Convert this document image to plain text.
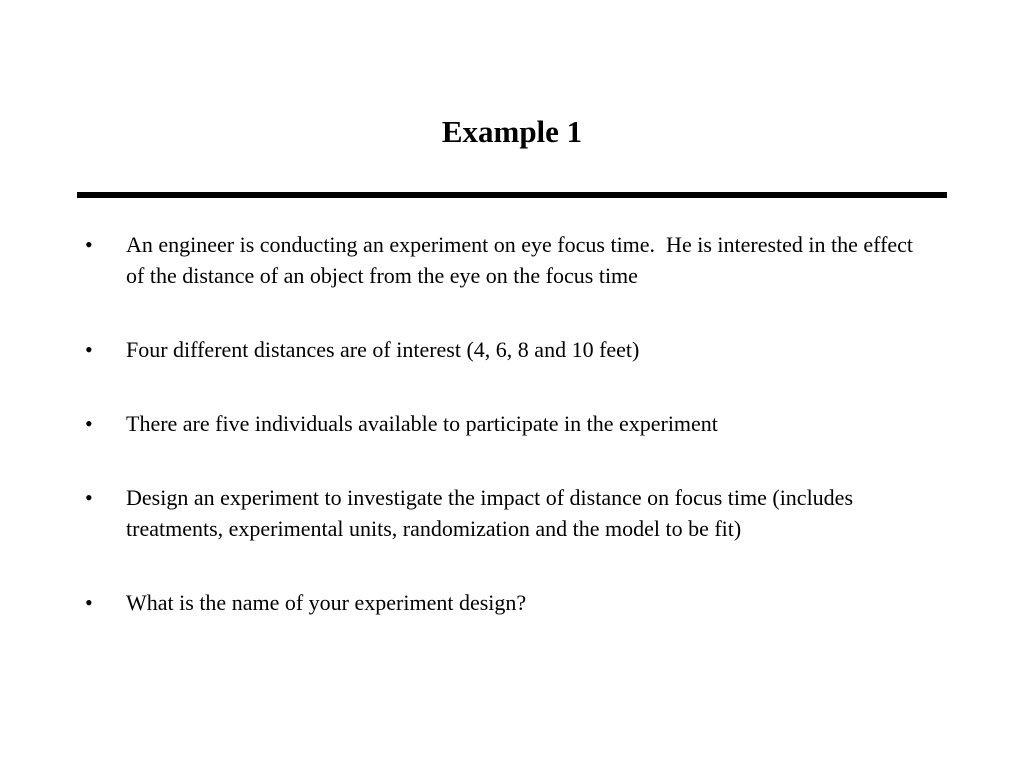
Example 1
•	An engineer is conducting an experiment on eye focus time.  He is interested in the effect of the distance of an object from the eye on the focus time
•	Four different distances are of interest (4, 6, 8 and 10 feet)
•	There are five individuals available to participate in the experiment
•	Design an experiment to investigate the impact of distance on focus time (includes treatments, experimental units, randomization and the model to be fit)
•	What is the name of your experiment design?
